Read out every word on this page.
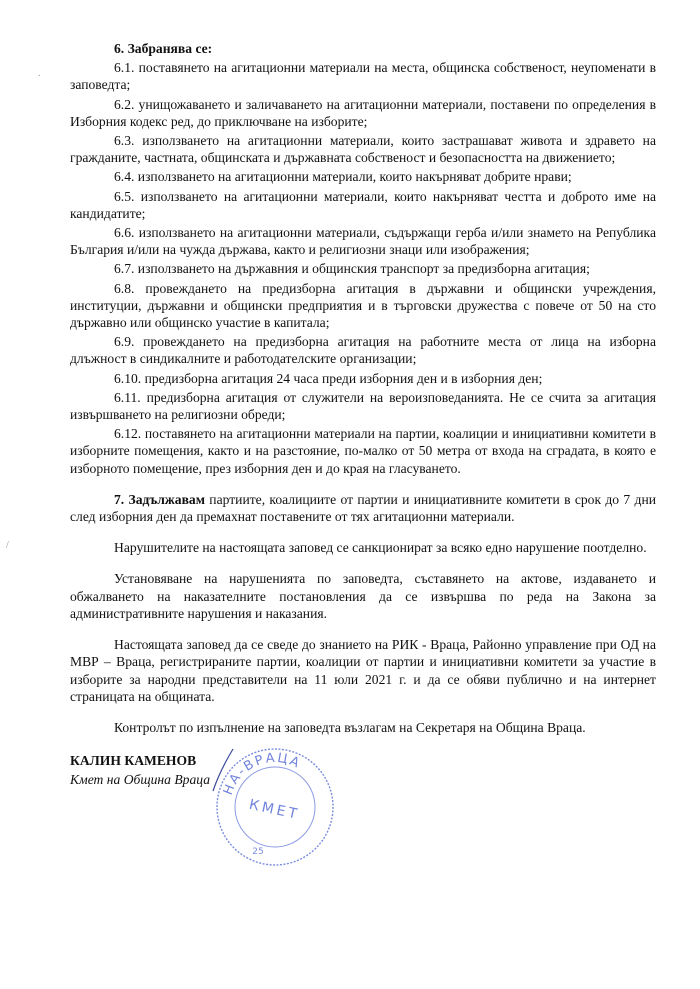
6. Забранява се:

6.1. поставянето на агитационни материали на места, общинска собственост, неупоменати в заповедта;

6.2. унищожаването и заличаването на агитационни материали, поставени по определения в Изборния кодекс ред, до приключване на изборите;

6.3. използването на агитационни материали, които застрашават живота и здравето на гражданите, частната, общинската и държавната собственост и безопасността на движението;

6.4. използването на агитационни материали, които накърняват добрите нрави;

6.5. използването на агитационни материали, които накърняват честта и доброто име на кандидатите;

6.6. използването на агитационни материали, съдържащи герба и/или знамето на Република България и/или на чужда държава, както и религиозни знаци или изображения;

6.7. използването на държавния и общинския транспорт за предизборна агитация;

6.8. провеждането на предизборна агитация в държавни и общински учреждения, институции, държавни и общински предприятия и в търговски дружества с повече от 50 на сто държавно или общинско участие в капитала;

6.9. провеждането на предизборна агитация на работните места от лица на изборна длъжност в синдикалните и работодателските организации;

6.10. предизборна агитация 24 часа преди изборния ден и в изборния ден;

6.11. предизборна агитация от служители на вероизповеданията. Не се счита за агитация извършването на религиозни обреди;

6.12. поставянето на агитационни материали на партии, коалиции и инициативни комитети в изборните помещения, както и на разстояние, по-малко от 50 метра от входа на сградата, в която е изборното помещение, през изборния ден и до края на гласуването.

7. Задължавам партиите, коалициите от партии и инициативните комитети в срок до 7 дни след изборния ден да премахнат поставените от тях агитационни материали.

Нарушителите на настоящата заповед се санкционират за всяко едно нарушение поотделно.

Установяване на нарушенията по заповедта, съставянето на актове, издаването и обжалването на наказателните постановления да се извършва по реда на Закона за административните нарушения и наказания.

Настоящата заповед да се сведе до знанието на РИК - Враца, Районно управление при ОД на МВР – Враца, регистрираните партии, коалиции от партии и инициативни комитети за участие в изборите за народни представители на 11 юли 2021 г. и да се обяви публично и на интернет страницата на общината.

Контролът по изпълнение на заповедта възлагам на Секретаря на Община Враца.

КАЛИН КАМЕНОВ
Кмет на Община Враца
НА-ВРАЦА
КМЕТ
25
.
/
